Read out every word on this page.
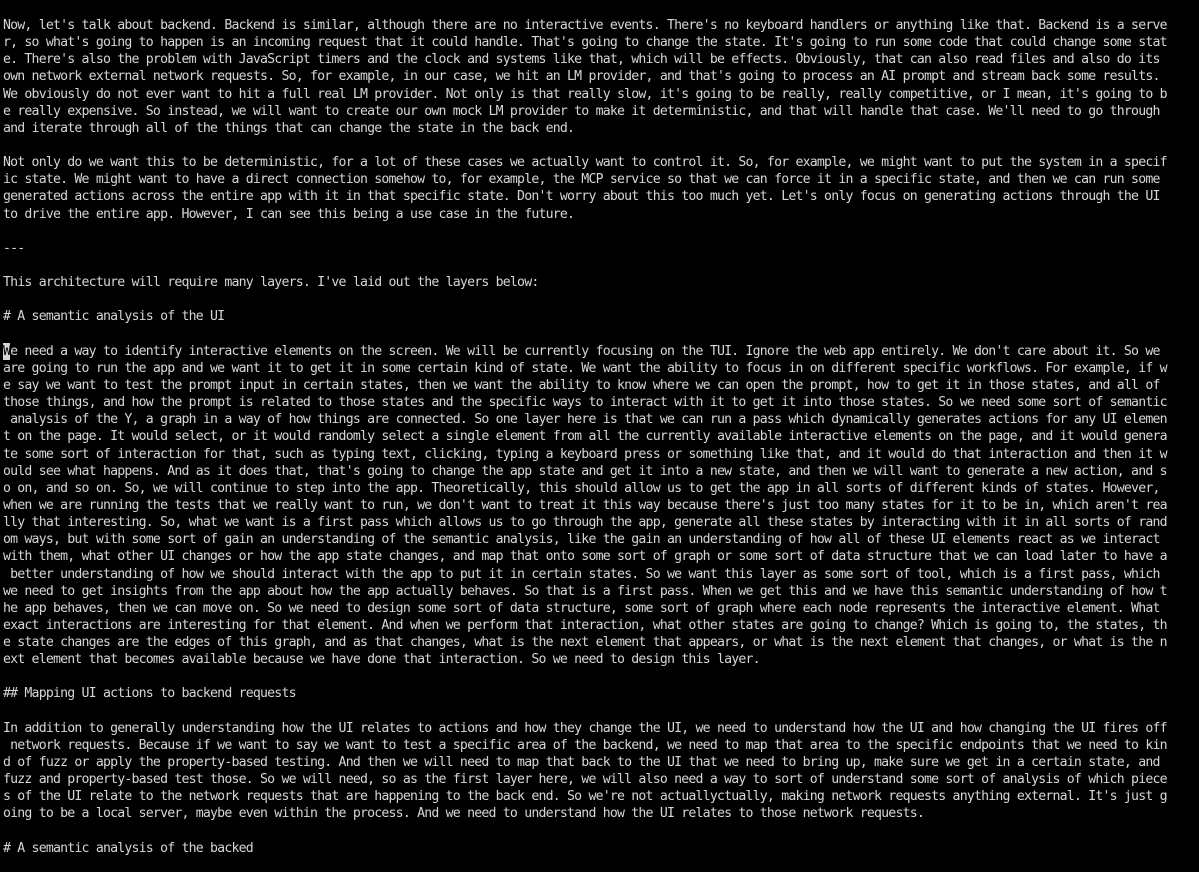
Now, let's talk about backend. Backend is similar, although there are no interactive events. There's no keyboard handlers or anything like that. Backend is a serve
r, so what's going to happen is an incoming request that it could handle. That's going to change the state. It's going to run some code that could change some stat
e. There's also the problem with JavaScript timers and the clock and systems like that, which will be effects. Obviously, that can also read files and also do its
own network external network requests. So, for example, in our case, we hit an LM provider, and that's going to process an AI prompt and stream back some results.
We obviously do not ever want to hit a full real LM provider. Not only is that really slow, it's going to be really, really competitive, or I mean, it's going to b
e really expensive. So instead, we will want to create our own mock LM provider to make it deterministic, and that will handle that case. We'll need to go through
and iterate through all of the things that can change the state in the back end.
Not only do we want this to be deterministic, for a lot of these cases we actually want to control it. So, for example, we might want to put the system in a specif
ic state. We might want to have a direct connection somehow to, for example, the MCP service so that we can force it in a specific state, and then we can run some
generated actions across the entire app with it in that specific state. Don't worry about this too much yet. Let's only focus on generating actions through the UI
to drive the entire app. However, I can see this being a use case in the future.
---
This architecture will require many layers. I've laid out the layers below:
# A semantic analysis of the UI
We need a way to identify interactive elements on the screen. We will be currently focusing on the TUI. Ignore the web app entirely. We don't care about it. So we
are going to run the app and we want it to get it in some certain kind of state. We want the ability to focus in on different specific workflows. For example, if w
e say we want to test the prompt input in certain states, then we want the ability to know where we can open the prompt, how to get it in those states, and all of
those things, and how the prompt is related to those states and the specific ways to interact with it to get it into those states. So we need some sort of semantic
analysis of the Y, a graph in a way of how things are connected. So one layer here is that we can run a pass which dynamically generates actions for any UI elemen
t on the page. It would select, or it would randomly select a single element from all the currently available interactive elements on the page, and it would genera
te some sort of interaction for that, such as typing text, clicking, typing a keyboard press or something like that, and it would do that interaction and then it w
ould see what happens. And as it does that, that's going to change the app state and get it into a new state, and then we will want to generate a new action, and s
o on, and so on. So, we will continue to step into the app. Theoretically, this should allow us to get the app in all sorts of different kinds of states. However,
when we are running the tests that we really want to run, we don't want to treat it this way because there's just too many states for it to be in, which aren't rea
lly that interesting. So, what we want is a first pass which allows us to go through the app, generate all these states by interacting with it in all sorts of rand
om ways, but with some sort of gain an understanding of the semantic analysis, like the gain an understanding of how all of these UI elements react as we interact
with them, what other UI changes or how the app state changes, and map that onto some sort of graph or some sort of data structure that we can load later to have a
better understanding of how we should interact with the app to put it in certain states. So we want this layer as some sort of tool, which is a first pass, which
we need to get insights from the app about how the app actually behaves. So that is a first pass. When we get this and we have this semantic understanding of how t
he app behaves, then we can move on. So we need to design some sort of data structure, some sort of graph where each node represents the interactive element. What
exact interactions are interesting for that element. And when we perform that interaction, what other states are going to change? Which is going to, the states, th
e state changes are the edges of this graph, and as that changes, what is the next element that appears, or what is the next element that changes, or what is the n
ext element that becomes available because we have done that interaction. So we need to design this layer.
## Mapping UI actions to backend requests
In addition to generally understanding how the UI relates to actions and how they change the UI, we need to understand how the UI and how changing the UI fires off
network requests. Because if we want to say we want to test a specific area of the backend, we need to map that area to the specific endpoints that we need to kin
d of fuzz or apply the property-based testing. And then we will need to map that back to the UI that we need to bring up, make sure we get in a certain state, and
fuzz and property-based test those. So we will need, so as the first layer here, we will also need a way to sort of understand some sort of analysis of which piece
s of the UI relate to the network requests that are happening to the back end. So we're not actuallyctually, making network requests anything external. It's just g
oing to be a local server, maybe even within the process. And we need to understand how the UI relates to those network requests.
# A semantic analysis of the backed
